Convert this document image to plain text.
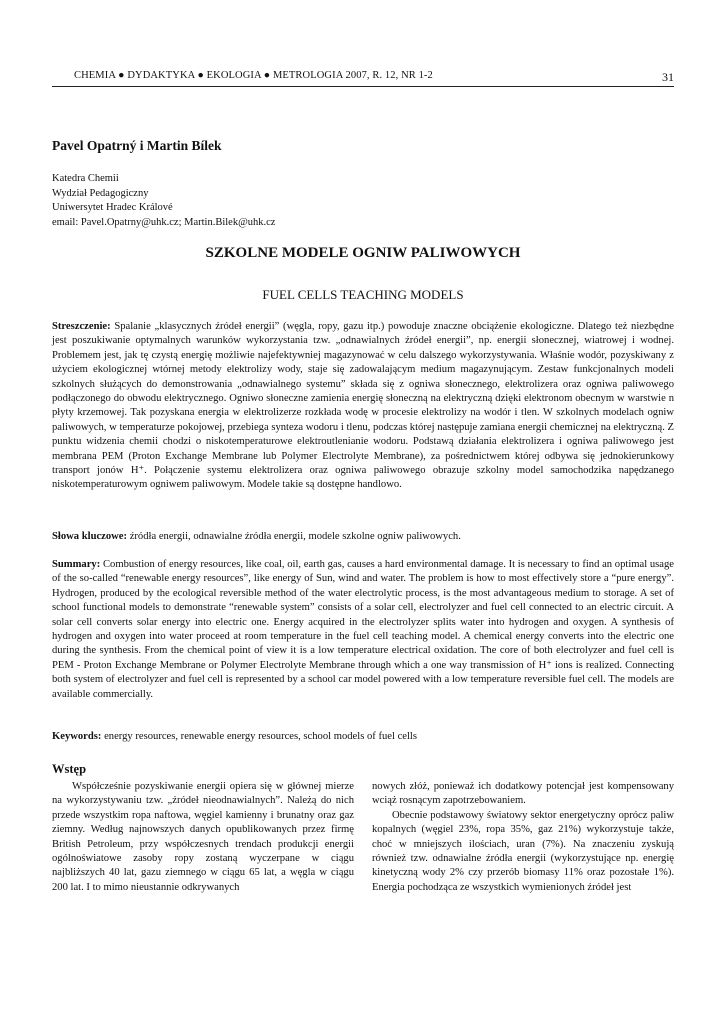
CHEMIA ● DYDAKTYKA ● EKOLOGIA ● METROLOGIA 2007, R. 12, NR 1-2	31
Pavel Opatrný i Martin Bílek
Katedra Chemii
Wydział Pedagogiczny
Uniwersytet Hradec Králové
email: Pavel.Opatrny@uhk.cz; Martin.Bilek@uhk.cz
SZKOLNE MODELE OGNIW PALIWOWYCH
FUEL CELLS TEACHING MODELS

Streszczenie: Spalanie „klasycznych źródeł energii” (węgla, ropy, gazu itp.) powoduje znaczne obciążenie ekologiczne. Dlatego też niezbędne jest poszukiwanie optymalnych warunków wykorzystania tzw. „odnawialnych źródeł energii”, np. energii słonecznej, wiatrowej i wodnej. Problemem jest, jak tę czystą energię możliwie najefektywniej magazynować w celu dalszego wykorzystywania. Właśnie wodór, pozyskiwany z użyciem ekologicznej wtórnej metody elektrolizy wody, staje się zadowalającym medium magazynującym. Zestaw funkcjonalnych modeli szkolnych służących do demonstrowania „odnawialnego systemu” składa się z ogniwa słonecznego, elektrolizera oraz ogniwa paliwowego podłączonego do obwodu elektrycznego. Ogniwo słoneczne zamienia energię słoneczną na elektryczną dzięki elektronom obecnym w warstwie n płyty krzemowej. Tak pozyskana energia w elektrolizerze rozkłada wodę w procesie elektrolizy na wodór i tlen. W szkolnych modelach ogniw paliwowych, w temperaturze pokojowej, przebiega synteza wodoru i tlenu, podczas której następuje zamiana energii chemicznej na elektryczną. Z punktu widzenia chemii chodzi o niskotemperaturowe elektroutlenianie wodoru. Podstawą działania elektrolizera i ogniwa paliwowego jest membrana PEM (Proton Exchange Membrane lub Polymer Electrolyte Membrane), za pośrednictwem której odbywa się jednokierunkowy transport jonów H⁺. Połączenie systemu elektrolizera oraz ogniwa paliwowego obrazuje szkolny model samochodzika napędzanego niskotemperaturowym ogniwem paliwowym. Modele takie są dostępne handlowo.

Słowa kluczowe: źródła energii, odnawialne źródła energii, modele szkolne ogniw paliwowych.

Summary: Combustion of energy resources, like coal, oil, earth gas, causes a hard environmental damage. It is necessary to find an optimal usage of the so-called “renewable energy resources”, like energy of Sun, wind and water. The problem is how to most effectively store a “pure energy”. Hydrogen, produced by the ecological reversible method of the water electrolytic process, is the most advantageous medium to storage. A set of school functional models to demonstrate “renewable system” consists of a solar cell, electrolyzer and fuel cell connected to an electric circuit. A solar cell converts solar energy into electric one. Energy acquired in the electrolyzer splits water into hydrogen and oxygen. A synthesis of hydrogen and oxygen into water proceed at room temperature in the fuel cell teaching model. A chemical energy converts into the electric one during the synthesis. From the chemical point of view it is a low temperature electrical oxidation. The core of both electrolyzer and fuel cell is PEM - Proton Exchange Membrane or Polymer Electrolyte Membrane through which a one way transmission of H⁺ ions is realized. Connecting both system of electrolyzer and fuel cell is represented by a school car model powered with a low temperature reversible fuel cell. The models are available commercially.

Keywords: energy resources, renewable energy resources, school models of fuel cells

Wstęp

Współcześnie pozyskiwanie energii opiera się w głównej mierze na wykorzystywaniu tzw. „źródeł nieodnawialnych”. Należą do nich przede wszystkim ropa naftowa, węgiel kamienny i brunatny oraz gaz ziemny. Według najnowszych danych opublikowanych przez firmę British Petroleum, przy współczesnych trendach produkcji energii ogólnoświatowe zasoby ropy zostaną wyczerpane w ciągu najbliższych 40 lat, gazu ziemnego w ciągu 65 lat, a węgla w ciągu 200 lat. I to mimo nieustannie odkrywanych

nowych złóż, ponieważ ich dodatkowy potencjał jest kompensowany wciąż rosnącym zapotrzebowaniem.

Obecnie podstawowy światowy sektor energetyczny oprócz paliw kopalnych (węgiel 23%, ropa 35%, gaz 21%) wykorzystuje także, choć w mniejszych ilościach, uran (7%). Na znaczeniu zyskują również tzw. odnawialne źródła energii (wykorzystujące np. energię kinetyczną wody 2% czy przerób biomasy 11% oraz pozostałe 1%). Energia pochodząca ze wszystkich wymienionych źródeł jest
